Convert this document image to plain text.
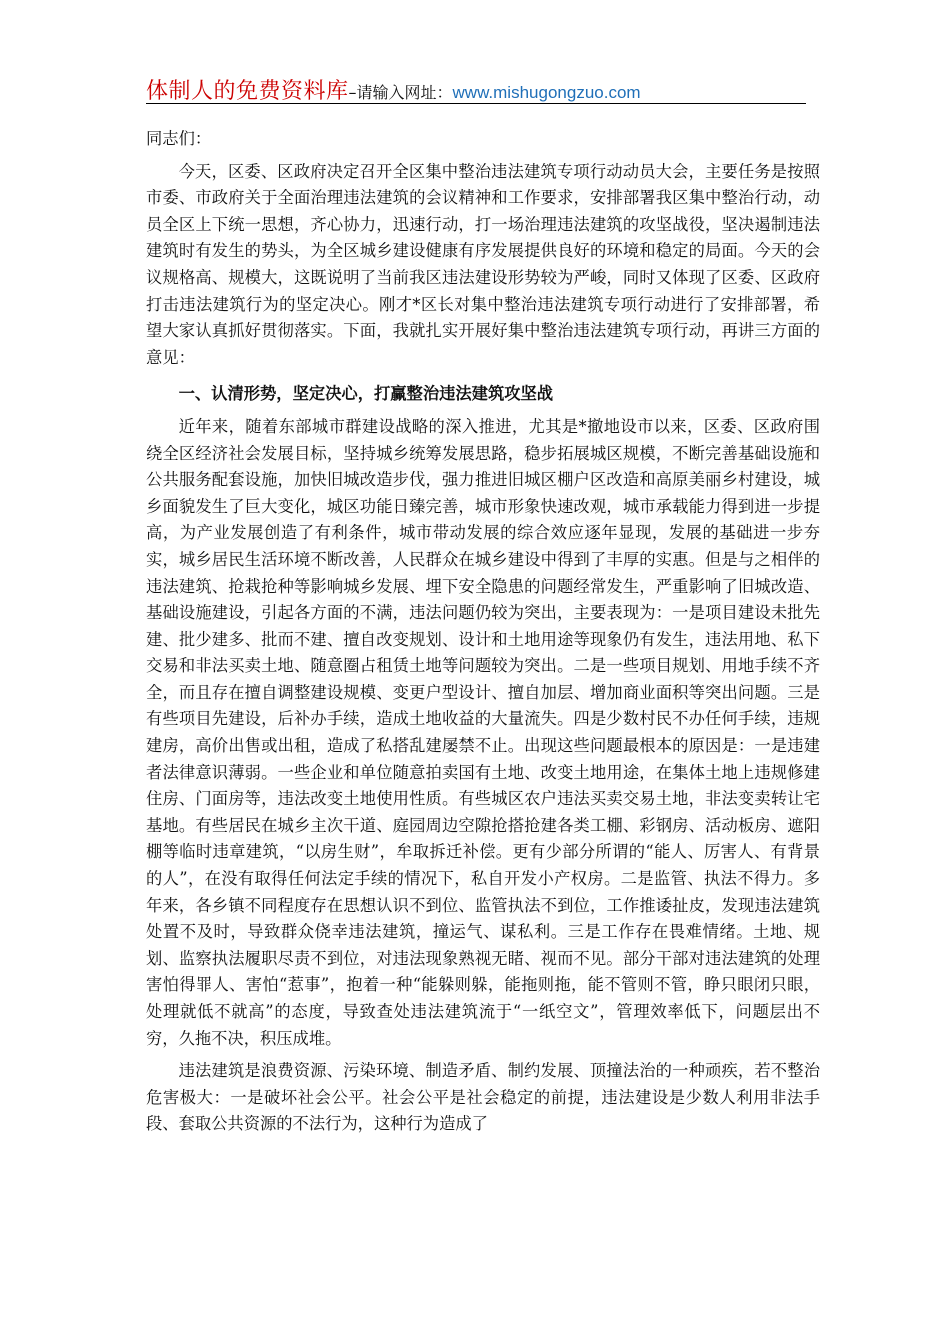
体制人的免费资料库–请输入网址：www.mishugongzuo.com

同志们：

今天，区委、区政府决定召开全区集中整治违法建筑专项行动动员大会，主要任务是按照市委、市政府关于全面治理违法建筑的会议精神和工作要求，安排部署我区集中整治行动，动员全区上下统一思想，齐心协力，迅速行动，打一场治理违法建筑的攻坚战役，坚决遏制违法建筑时有发生的势头，为全区城乡建设健康有序发展提供良好的环境和稳定的局面。今天的会议规格高、规模大，这既说明了当前我区违法建设形势较为严峻，同时又体现了区委、区政府打击违法建筑行为的坚定决心。刚才*区长对集中整治违法建筑专项行动进行了安排部署，希望大家认真抓好贯彻落实。下面，我就扎实开展好集中整治违法建筑专项行动，再讲三方面的意见：

一、认清形势，坚定决心，打赢整治违法建筑攻坚战

近年来，随着东部城市群建设战略的深入推进，尤其是*撤地设市以来，区委、区政府围绕全区经济社会发展目标，坚持城乡统筹发展思路，稳步拓展城区规模，不断完善基础设施和公共服务配套设施，加快旧城改造步伐，强力推进旧城区棚户区改造和高原美丽乡村建设，城乡面貌发生了巨大变化，城区功能日臻完善，城市形象快速改观，城市承载能力得到进一步提高，为产业发展创造了有利条件，城市带动发展的综合效应逐年显现，发展的基础进一步夯实，城乡居民生活环境不断改善，人民群众在城乡建设中得到了丰厚的实惠。但是与之相伴的违法建筑、抢栽抢种等影响城乡发展、埋下安全隐患的问题经常发生，严重影响了旧城改造、基础设施建设，引起各方面的不满，违法问题仍较为突出，主要表现为：一是项目建设未批先建、批少建多、批而不建、擅自改变规划、设计和土地用途等现象仍有发生，违法用地、私下交易和非法买卖土地、随意圈占租赁土地等问题较为突出。二是一些项目规划、用地手续不齐全，而且存在擅自调整建设规模、变更户型设计、擅自加层、增加商业面积等突出问题。三是有些项目先建设，后补办手续，造成土地收益的大量流失。四是少数村民不办任何手续，违规建房，高价出售或出租，造成了私搭乱建屡禁不止。出现这些问题最根本的原因是：一是违建者法律意识薄弱。一些企业和单位随意拍卖国有土地、改变土地用途，在集体土地上违规修建住房、门面房等，违法改变土地使用性质。有些城区农户违法买卖交易土地，非法变卖转让宅基地。有些居民在城乡主次干道、庭园周边空隙抢搭抢建各类工棚、彩钢房、活动板房、遮阳棚等临时违章建筑，“以房生财”，牟取拆迁补偿。更有少部分所谓的“能人、厉害人、有背景的人”，在没有取得任何法定手续的情况下，私自开发小产权房。二是监管、执法不得力。多年来，各乡镇不同程度存在思想认识不到位、监管执法不到位，工作推诿扯皮，发现违法建筑处置不及时，导致群众侥幸违法建筑，撞运气、谋私利。三是工作存在畏难情绪。土地、规划、监察执法履职尽责不到位，对违法现象熟视无睹、视而不见。部分干部对违法建筑的处理害怕得罪人、害怕“惹事”，抱着一种“能躲则躲，能拖则拖，能不管则不管，睁只眼闭只眼，处理就低不就高”的态度，导致查处违法建筑流于“一纸空文”，管理效率低下，问题层出不穷，久拖不决，积压成堆。

违法建筑是浪费资源、污染环境、制造矛盾、制约发展、顶撞法治的一种顽疾，若不整治危害极大：一是破坏社会公平。社会公平是社会稳定的前提，违法建设是少数人利用非法手段、套取公共资源的不法行为，这种行为造成了
